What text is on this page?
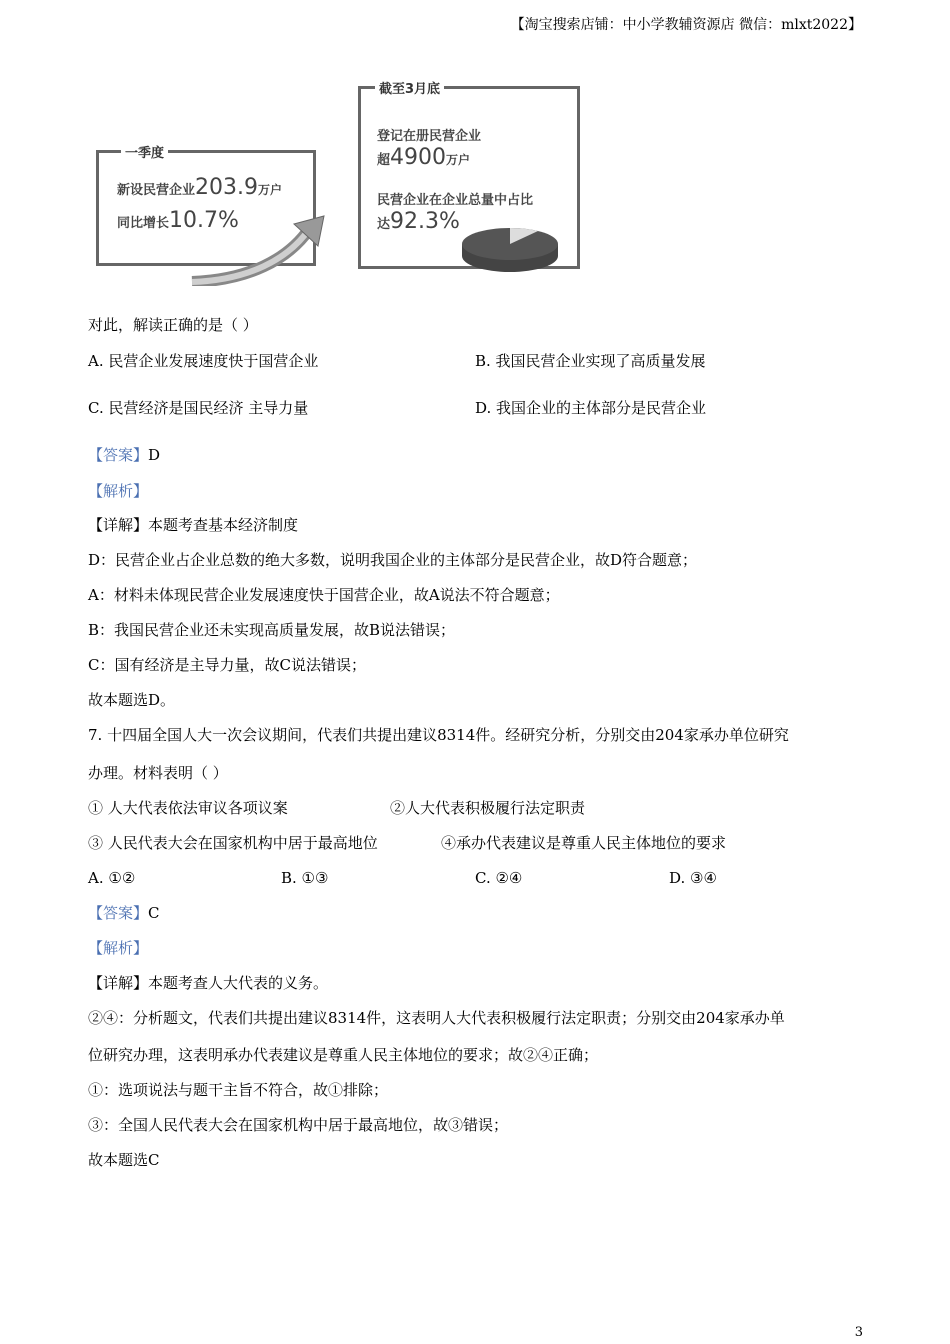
【淘宝搜索店铺：中小学教辅资源店 微信：mlxt2022】
一季度
新设民营企业203.9万户
同比增长10.7%
截至3月底
登记在册民营企业
超4900万户
民营企业在企业总量中占比
达92.3%
对此，解读正确的是（ ）
A. 民营企业发展速度快于国营企业	B. 我国民营企业实现了高质量发展
C. 民营经济是国民经济 主导力量	D. 我国企业的主体部分是民营企业
【答案】D
【解析】
【详解】本题考查基本经济制度
D：民营企业占企业总数的绝大多数，说明我国企业的主体部分是民营企业，故D符合题意；
A：材料未体现民营企业发展速度快于国营企业，故A说法不符合题意；
B：我国民营企业还未实现高质量发展，故B说法错误；
C：国有经济是主导力量，故C说法错误；
故本题选D。
7. 十四届全国人大一次会议期间，代表们共提出建议8314件。经研究分析，分别交由204家承办单位研究
办理。材料表明（ ）
① 人大代表依法审议各项议案	②人大代表积极履行法定职责
③ 人民代表大会在国家机构中居于最高地位	④承办代表建议是尊重人民主体地位的要求
A. ①②	B. ①③	C. ②④	D. ③④
【答案】C
【解析】
【详解】本题考查人大代表的义务。
②④：分析题文，代表们共提出建议8314件，这表明人大代表积极履行法定职责；分别交由204家承办单
位研究办理，这表明承办代表建议是尊重人民主体地位的要求；故②④正确；
①：选项说法与题干主旨不符合，故①排除；
③：全国人民代表大会在国家机构中居于最高地位，故③错误；
故本题选C
3
